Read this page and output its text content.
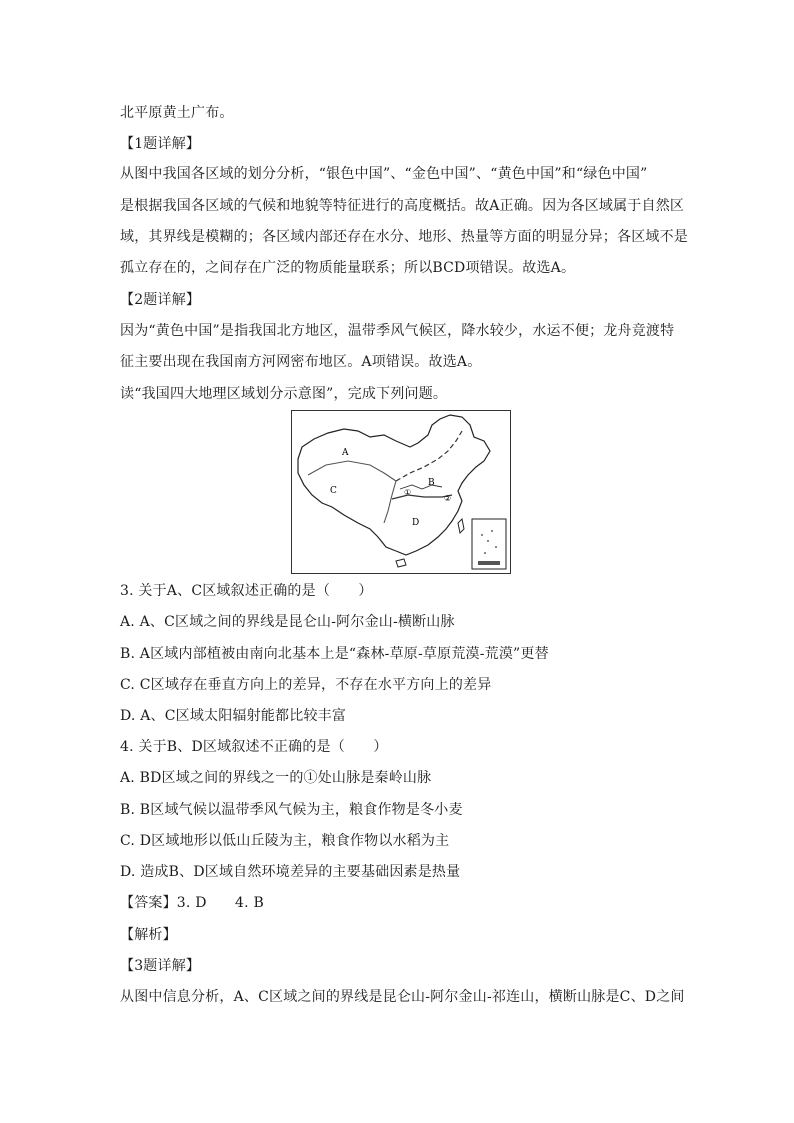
北平原黄土广布。
【1题详解】
从图中我国各区域的划分分析，“银色中国”、“金色中国”、“黄色中国”和“绿色中国”
是根据我国各区域的气候和地貌等特征进行的高度概括。故A正确。因为各区域属于自然区
域，其界线是模糊的；各区域内部还存在水分、地形、热量等方面的明显分异；各区域不是
孤立存在的，之间存在广泛的物质能量联系；所以BCD项错误。故选A。
【2题详解】
因为“黄色中国”是指我国北方地区，温带季风气候区，降水较少，水运不便；龙舟竞渡特
征主要出现在我国南方河网密布地区。A项错误。故选A。
读“我国四大地理区域划分示意图”，完成下列问题。
3. 关于A、C区域叙述正确的是（　　）
A. A、C区域之间的界线是昆仑山-阿尔金山-横断山脉
B. A区域内部植被由南向北基本上是“森林-草原-草原荒漠-荒漠”更替
C. C区域存在垂直方向上的差异，不存在水平方向上的差异
D. A、C区域太阳辐射能都比较丰富
4. 关于B、D区域叙述不正确的是（　　）
A. BD区域之间的界线之一的①处山脉是秦岭山脉
B. B区域气候以温带季风气候为主，粮食作物是冬小麦
C. D区域地形以低山丘陵为主，粮食作物以水稻为主
D. 造成B、D区域自然环境差异的主要基础因素是热量
【答案】3. D　　4. B
【解析】
【3题详解】
从图中信息分析，A、C区域之间的界线是昆仑山-阿尔金山-祁连山，横断山脉是C、D之间
A
C
B
D
①
②
